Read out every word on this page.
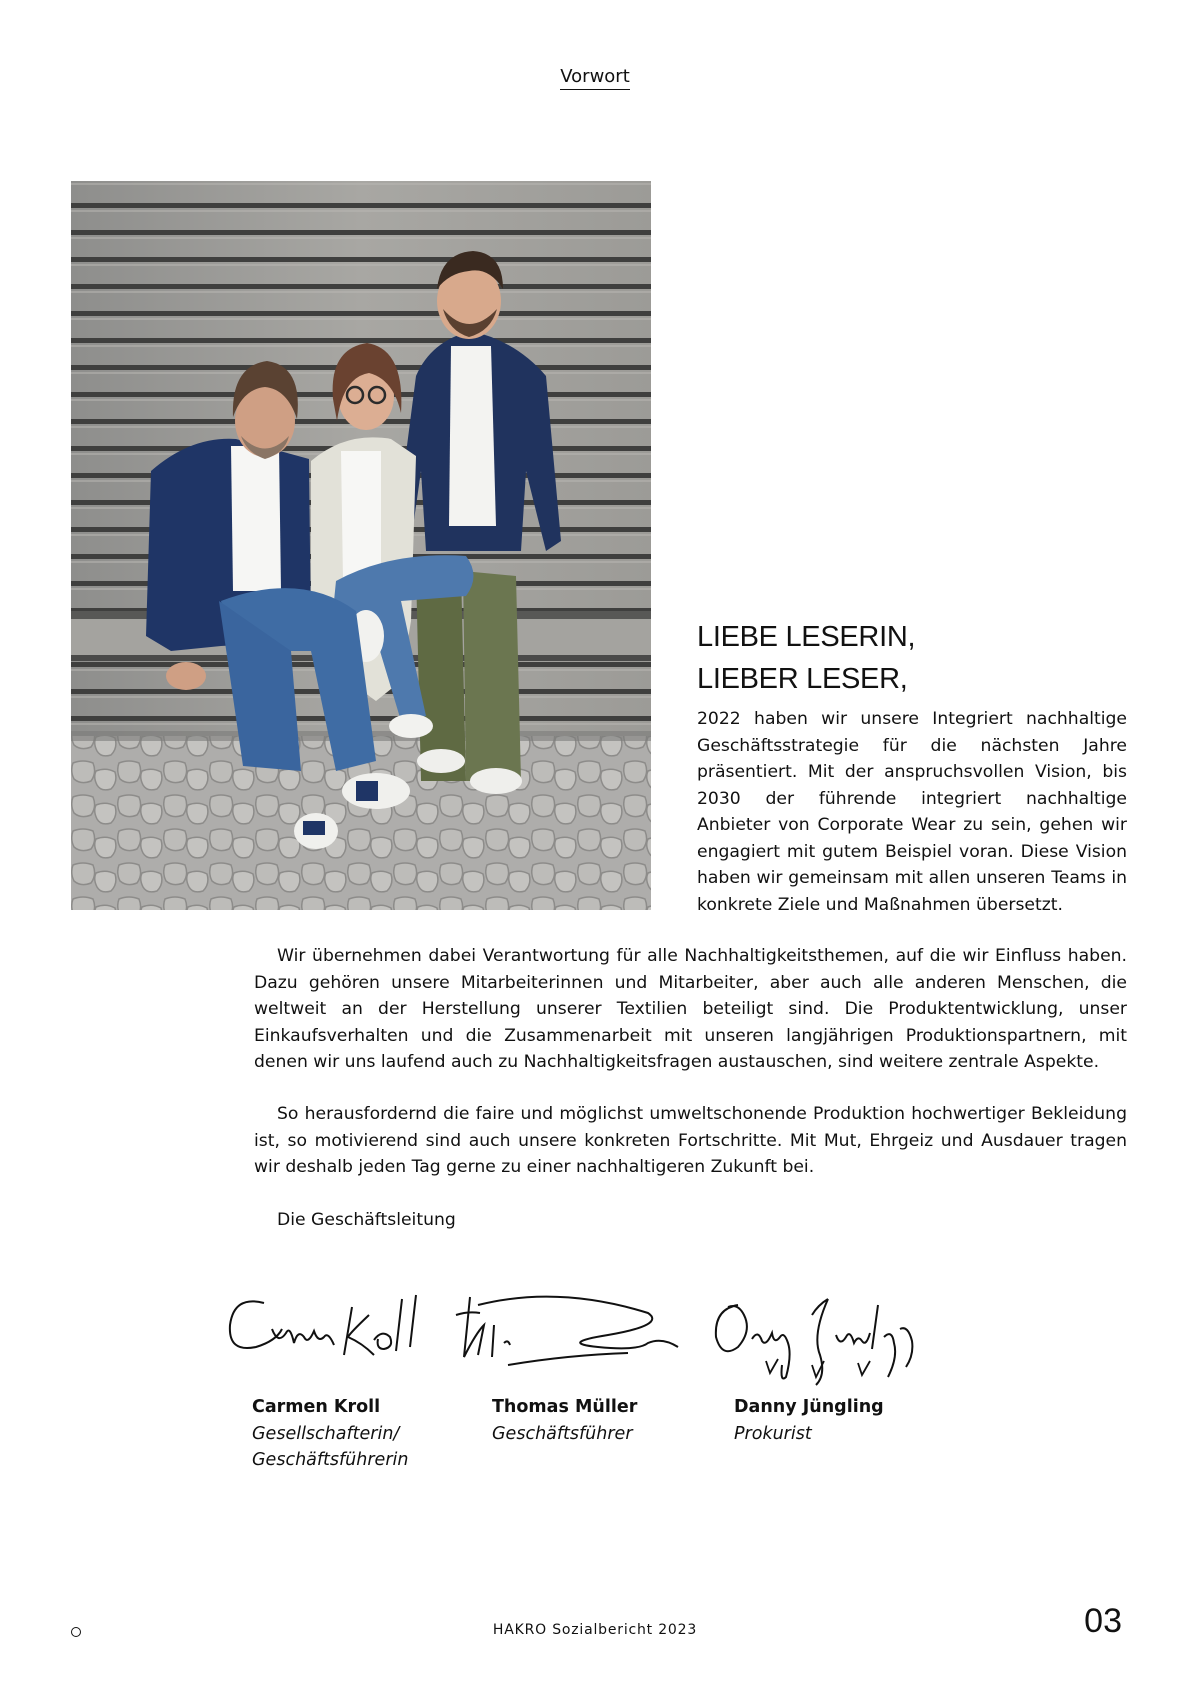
Vorwort
LIEBE LESERIN,
LIEBER LESER,
2022 haben wir unsere Integriert nachhaltige Geschäftsstrategie für die nächsten Jahre präsentiert. Mit der anspruchsvollen Vision, bis 2030 der führende integriert nachhaltige Anbieter von Corporate Wear zu sein, gehen wir engagiert mit gutem Beispiel voran. Diese Vision haben wir gemeinsam mit allen unseren Teams in konkrete Ziele und Maßnahmen übersetzt.
Wir übernehmen dabei Verantwortung für alle Nachhaltigkeitsthemen, auf die wir Einfluss haben. Dazu gehören unsere Mitarbeiterinnen und Mitarbeiter, aber auch alle anderen Menschen, die weltweit an der Herstellung unserer Textilien beteiligt sind. Die Produktentwicklung, unser Einkaufsverhalten und die Zusammenarbeit mit unseren langjährigen Produktionspartnern, mit denen wir uns laufend auch zu Nachhaltigkeitsfragen austauschen, sind weitere zentrale Aspekte.
So herausfordernd die faire und möglichst umweltschonende Produktion hochwertiger Bekleidung ist, so motivierend sind auch unsere konkreten Fortschritte. Mit Mut, Ehrgeiz und Ausdauer tragen wir deshalb jeden Tag gerne zu einer nachhaltigeren Zukunft bei.
Die Geschäftsleitung
Carmen Kroll
Gesellschafterin/
Geschäftsführerin
Thomas Müller
Geschäftsführer
Danny Jüngling
Prokurist
HAKRO Sozialbericht 2023	03
